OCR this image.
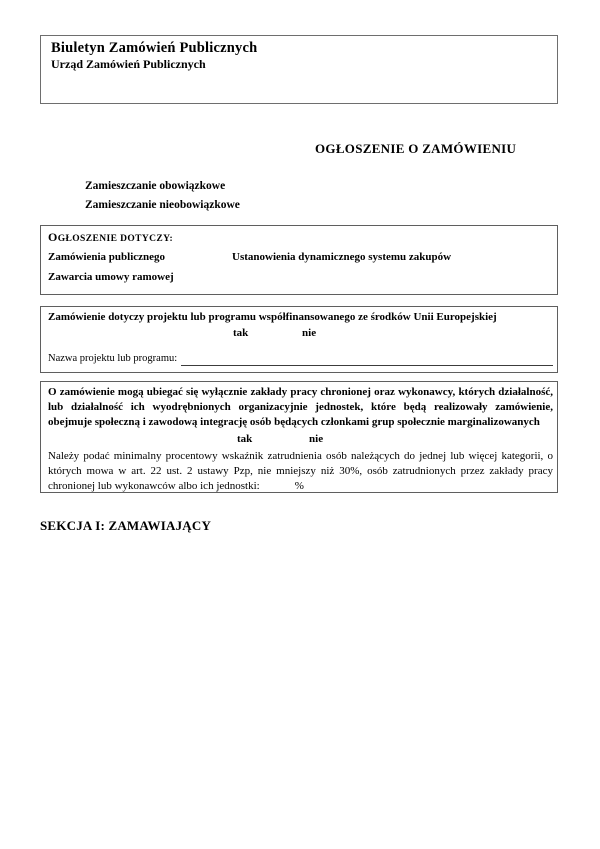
Biuletyn Zamówień Publicznych
Urząd Zamówień Publicznych
OGŁOSZENIE O ZAMÓWIENIU
Zamieszczanie obowiązkowe
Zamieszczanie nieobowiązkowe
OGŁOSZENIE DOTYCZY:
Zamówienia publicznego	Ustanowienia dynamicznego systemu zakupów
Zawarcia umowy ramowej
Zamówienie dotyczy projektu lub programu współfinansowanego ze środków Unii Europejskiej
tak	nie
Nazwa projektu lub programu:

O zamówienie mogą ubiegać się wyłącznie zakłady pracy chronionej oraz wykonawcy, których działalność, lub działalność ich wyodrębnionych organizacyjnie jednostek, które będą realizowały zamówienie, obejmuje społeczną i zawodową integrację osób będących członkami grup społecznie marginalizowanych

tak	nie

Należy podać minimalny procentowy wskaźnik zatrudnienia osób należących do jednej lub więcej kategorii, o których mowa w art. 22 ust. 2 ustawy Pzp, nie mniejszy niż 30%, osób zatrudnionych przez zakłady pracy chronionej lub wykonawców albo ich jednostki:	%

SEKCJA I: ZAMAWIAJĄCY
